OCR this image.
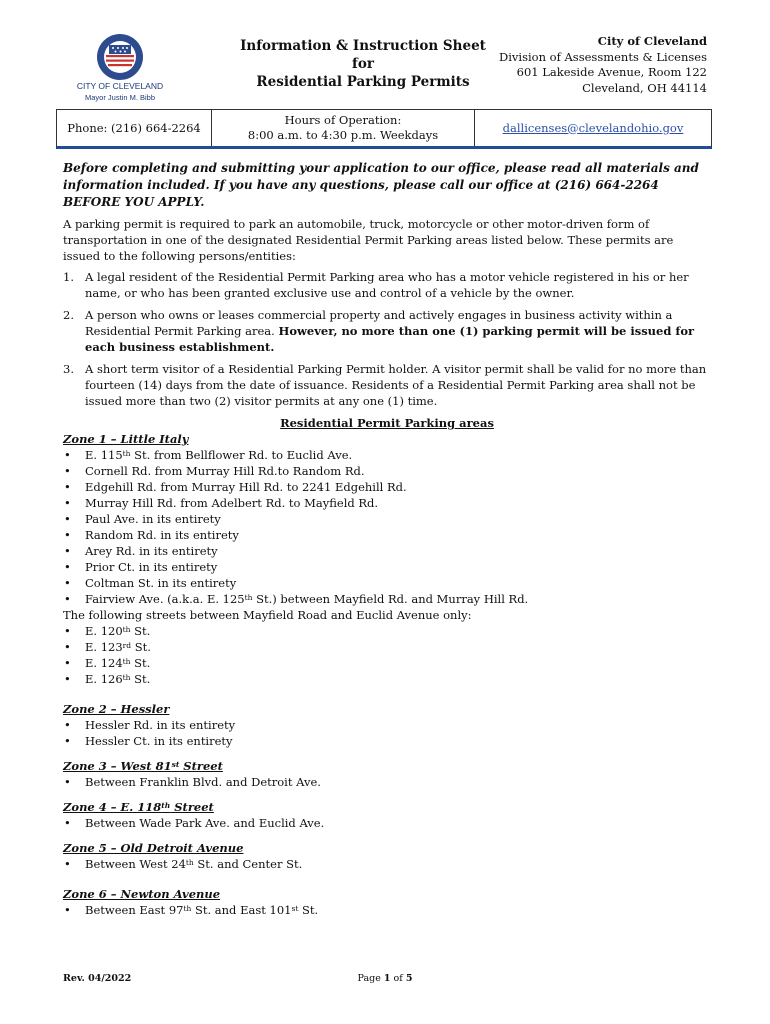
CITY OF CLEVELAND
Mayor Justin M. Bibb
Information & Instruction Sheet
for
Residential Parking Permits
City of Cleveland
Division of Assessments & Licenses
601 Lakeside Avenue, Room 122
Cleveland, OH 44114
Phone: (216) 664-2264
Hours of Operation:
8:00 a.m. to 4:30 p.m. Weekdays
dallicenses@clevelandohio.gov

Before completing and submitting your application to our office, please read all materials and information included. If you have any questions, please call our office at (216) 664-2264 BEFORE YOU APPLY.

A parking permit is required to park an automobile, truck, motorcycle or other motor-driven form of transportation in one of the designated Residential Permit Parking areas listed below. These permits are issued to the following persons/entities:

1. A legal resident of the Residential Permit Parking area who has a motor vehicle registered in his or her name, or who has been granted exclusive use and control of a vehicle by the owner.
2. A person who owns or leases commercial property and actively engages in business activity within a Residential Permit Parking area. However, no more than one (1) parking permit will be issued for each business establishment.
3. A short term visitor of a Residential Parking Permit holder. A visitor permit shall be valid for no more than fourteen (14) days from the date of issuance. Residents of a Residential Permit Parking area shall not be issued more than two (2) visitor permits at any one (1) time.
Residential Permit Parking areas
Zone 1 – Little Italy
• E. 115th St. from Bellflower Rd. to Euclid Ave.
• Cornell Rd. from Murray Hill Rd.to Random Rd.
• Edgehill Rd. from Murray Hill Rd. to 2241 Edgehill Rd.
• Murray Hill Rd. from Adelbert Rd. to Mayfield Rd.
• Paul Ave. in its entirety
• Random Rd. in its entirety
• Arey Rd. in its entirety
• Prior Ct. in its entirety
• Coltman St. in its entirety
• Fairview Ave. (a.k.a. E. 125th St.) between Mayfield Rd. and Murray Hill Rd.
The following streets between Mayfield Road and Euclid Avenue only:
• E. 120th St.
• E. 123rd St.
• E. 124th St.
• E. 126th St.
Zone 2 – Hessler
• Hessler Rd. in its entirety
• Hessler Ct. in its entirety
Zone 3 – West 81st Street
• Between Franklin Blvd. and Detroit Ave.
Zone 4 – E. 118th Street
• Between Wade Park Ave. and Euclid Ave.
Zone 5 – Old Detroit Avenue
• Between West 24th St. and Center St.
Zone 6 – Newton Avenue
• Between East 97th St. and East 101st St.
Rev. 04/2022	Page 1 of 5
